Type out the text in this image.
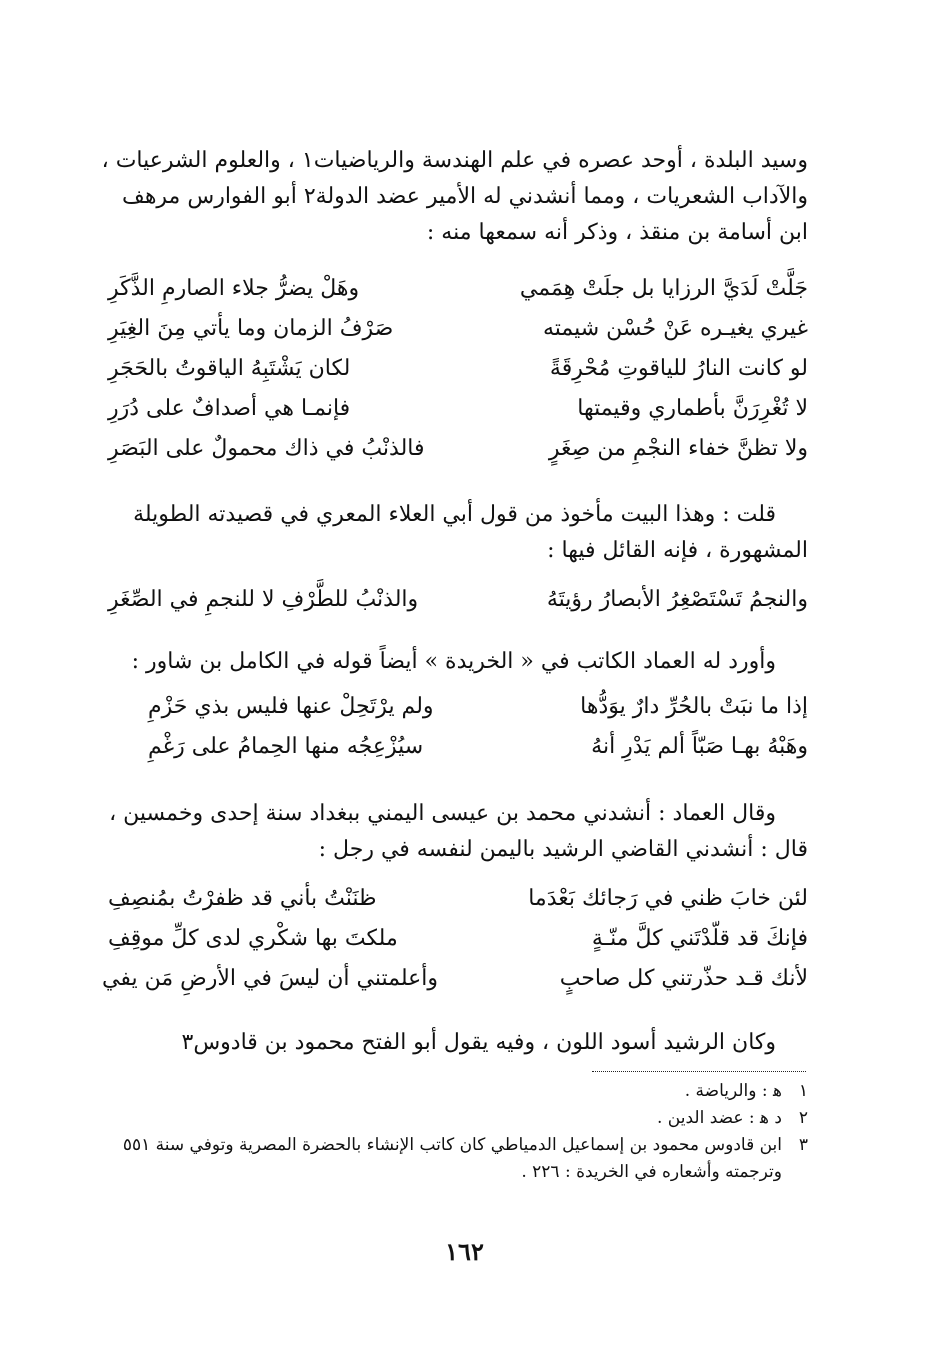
وسيد البلدة ، أوحد عصره في علم الهندسة والرياضيات١ ، والعلوم الشرعيات ،
والآداب الشعريات ، ومما أنشدني له الأمير عضد الدولة٢ أبو الفوارس مرهف
ابن أسامة بن منقذ ، وذكر أنه سمعها منه :
جَلَّتْ لَدَيَّ الرزايا بل جلَتْ هِمَمي
وهَلْ يضرُّ جلاء الصارمِ الذَّكَرِ
غيري يغيـره عَنْ حُسْن شيمته
صَرْفُ الزمان وما يأتي مِنَ الغِيَرِ
لو كانت النارُ للياقوتِ مُحْرِقَةً
لكان يَشْتَبِهُ الياقوتُ بالحَجَرِ
لا تُغْرِرَنَّ بأطماري وقيمتها
فإنمـا هي أصدافٌ على دُرَرِ
ولا تظنَّ خفاء النجْمِ من صِغَرٍ
فالذنْبُ في ذاك محمولٌ على البَصَرِ
قلت : وهذا البيت مأخوذ من قول أبي العلاء المعري في قصيدته الطويلة
المشهورة ، فإنه القائل فيها :
والنجمُ تَسْتَصْغِرُ الأبصارُ رؤيتَهُ
والذنْبُ للطَّرْفِ لا للنجمِ في الصِّغَرِ
وأورد له العماد الكاتب في « الخريدة » أيضاً قوله في الكامل بن شاور :
إذا ما نبَتْ بالحُرِّ دارٌ يوَدُّها
ولم يرْتَحِلْ عنها فليس بذي حَزْمِ
وهَبْهُ بهـا صَبّاً ألم يَدْرِ أنهُ
سيُزْعِجُه منها الحِمامُ على رَغْمِ
وقال العماد : أنشدني محمد بن عيسى اليمني ببغداد سنة إحدى وخمسين ،
قال : أنشدني القاضي الرشيد باليمن لنفسه في رجل :
لئن خابَ ظني في رَجائك بَعْدَما
ظنَنْتُ بأني قد ظفرْتُ بمُنصِفِ
فإنكَ قد قلّدْتَني كلَّ منّـةٍ
ملكتَ بها شكْري لدى كلِّ موقِفِ
لأنك قـد حذّرتني كل صاحبٍ
وأعلمتني أن ليسَ في الأرضِ مَن يفي
وكان الرشيد أسود اللون ، وفيه يقول أبو الفتح محمود بن قادوس٣
١
ﻫ : والرياضة .
٢
د ﻫ : عضد الدين .
٣
ابن قادوس محمود بن إسماعيل الدمياطي كان كاتب الإنشاء بالحضرة المصرية وتوفي سنة ٥٥١
وترجمته وأشعاره في الخريدة : ٢٢٦ .
١٦٢
